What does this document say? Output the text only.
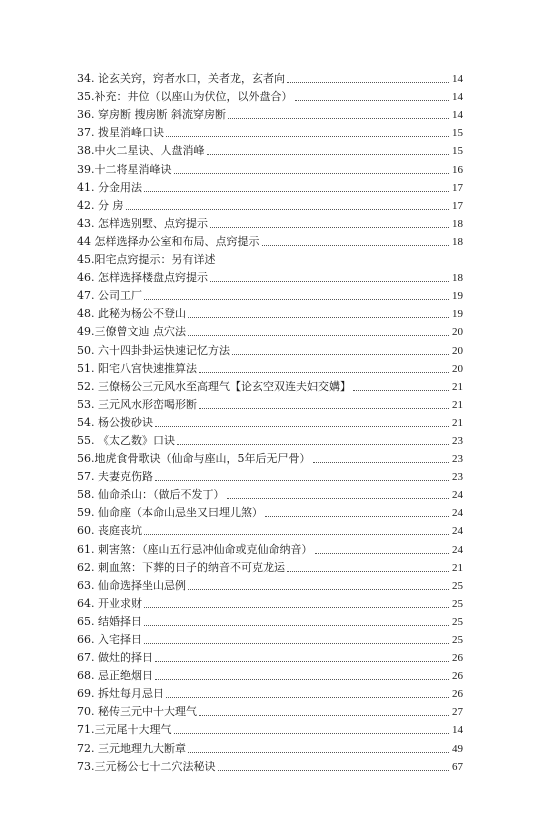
34. 论玄关窍，窍者水口，关者龙，玄者向	14
35.补充：井位（以座山为伏位，以外盘合）	14
36. 穿房断 搜房断 斜流穿房断	14
37. 拨星消峰口诀	15
38.中火二星诀、人盘消峰	15
39.十二将星消峰诀	16
41. 分金用法	17
42. 分 房	17
43. 怎样选别墅、点窍提示	18
44 怎样选择办公室和布局、点窍提示	18
45.阳宅点窍提示：另有详述
46. 怎样选择楼盘点窍提示	18
47. 公司工厂	19
48. 此秘为杨公不登山	19
49.三僚曾文辿 点穴法	20
50. 六十四卦卦运快速记忆方法	20
51. 阳宅八宫快速推算法	20
52. 三僚杨公三元风水至高理气【论玄空双连夫妇交媾】	21
53. 三元风水形峦喝形断	21
54. 杨公拨砂诀	21
55. 《太乙数》口诀	23
56.地虎食骨歌诀（仙命与座山，5年后无尸骨）	23
57. 夫妻克伤路	23
58. 仙命杀山：（做后不发丁）	24
59. 仙命座（本命山忌坐又曰埋儿煞）	24
60. 丧庭丧坑	24
61. 刺害煞：（座山五行忌冲仙命或克仙命纳音）	24
62. 刺血煞：下葬的日子的纳音不可克龙运	21
63. 仙命选择坐山忌例	25
64. 开业求财	25
65. 结婚择日	25
66. 入宅择日	25
67. 做灶的择日	26
68. 忌正绝烟日	26
69. 拆灶每月忌日	26
70. 秘传三元中十大理气	27
71.三元尾十大理气	14
72. 三元地理九大断章	49
73.三元杨公七十二穴法秘诀	67
